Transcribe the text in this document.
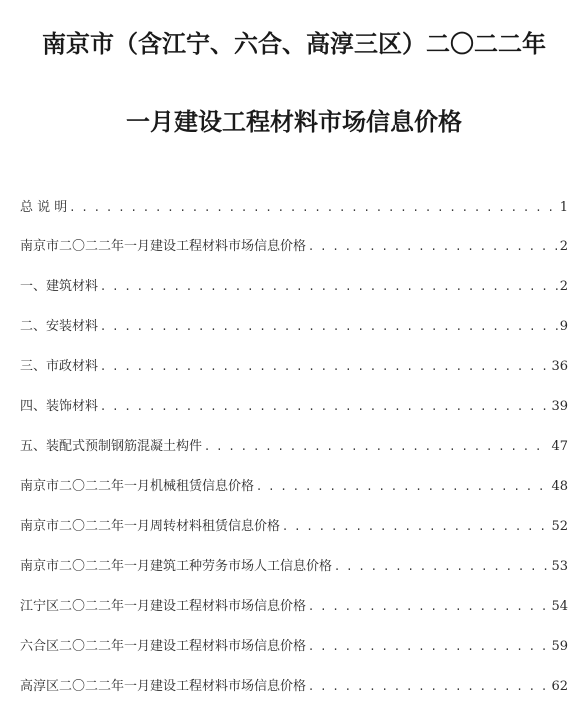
南京市（含江宁、六合、高淳三区）二〇二二年
一月建设工程材料市场信息价格
总 说 明 . . .	1
南京市二〇二二年一月建设工程材料市场信息价格 . . .	2
一、建筑材料 . . .	2
二、安装材料 . . .	9
三、市政材料 . . .	36
四、装饰材料 . . .	39
五、装配式预制钢筋混凝土构件 . . .	47
南京市二〇二二年一月机械租赁信息价格 . . .	48
南京市二〇二二年一月周转材料租赁信息价格 . . .	52
南京市二〇二二年一月建筑工种劳务市场人工信息价格 . . .	53
江宁区二〇二二年一月建设工程材料市场信息价格 . . .	54
六合区二〇二二年一月建设工程材料市场信息价格 . . .	59
高淳区二〇二二年一月建设工程材料市场信息价格 . . .	62
